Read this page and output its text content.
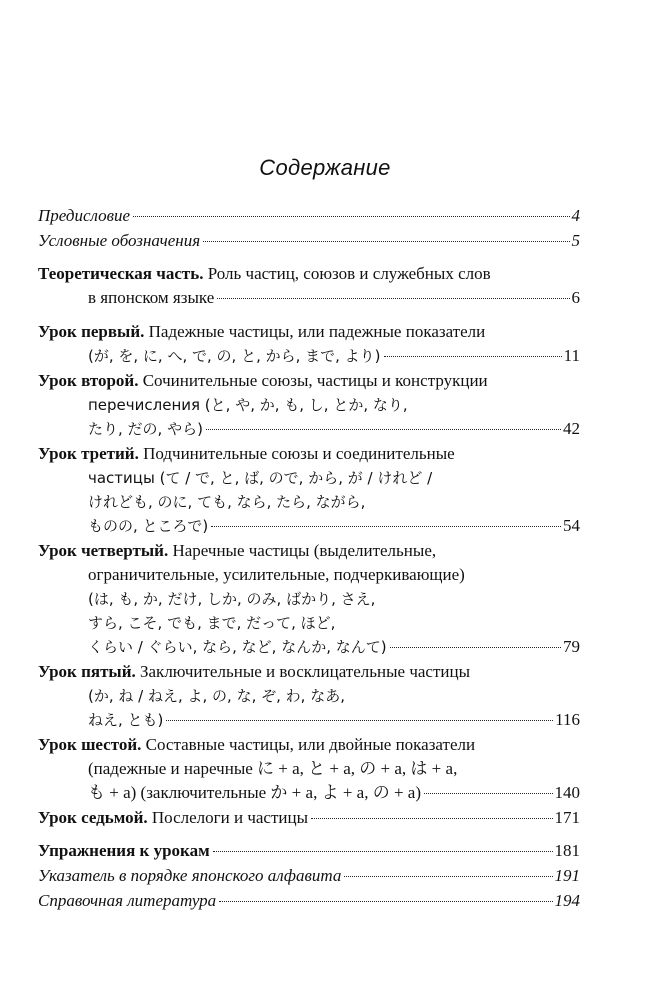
Содержание
Предисловие	4
Условные обозначения	5
Теоретическая часть. Роль частиц, союзов и служебных слов
в японском языке	6
Урок первый. Падежные частицы, или падежные показатели
(が, を, に, へ, で, の, と, から, まで, より)	11
Урок второй. Сочинительные союзы, частицы и конструкции
перечисления (と, や, か, も, し, とか, なり,
たり, だの, やら)	42
Урок третий. Подчинительные союзы и соединительные
частицы (て / で, と, ば, ので, から, が / けれど /
けれども, のに, ても, なら, たら, ながら,
ものの, ところで)	54
Урок четвертый. Наречные частицы (выделительные,
ограничительные, усилительные, подчеркивающие)
(は, も, か, だけ, しか, のみ, ばかり, さえ,
すら, こそ, でも, まで, だって, ほど,
くらい / ぐらい, なら, など, なんか, なんて)	79
Урок пятый. Заключительные и восклицательные частицы
(か, ね / ねえ, よ, の, な, ぞ, わ, なあ,
ねえ, とも)	116
Урок шестой. Составные частицы, или двойные показатели
(падежные и наречные に + a, と + a, の + a, は + a,
も + a) (заключительные か + a, よ + a, の + a)	140
Урок седьмой. Послелоги и частицы	171
Упражнения к урокам	181
Указатель в порядке японского алфавита	191
Справочная литература	194
